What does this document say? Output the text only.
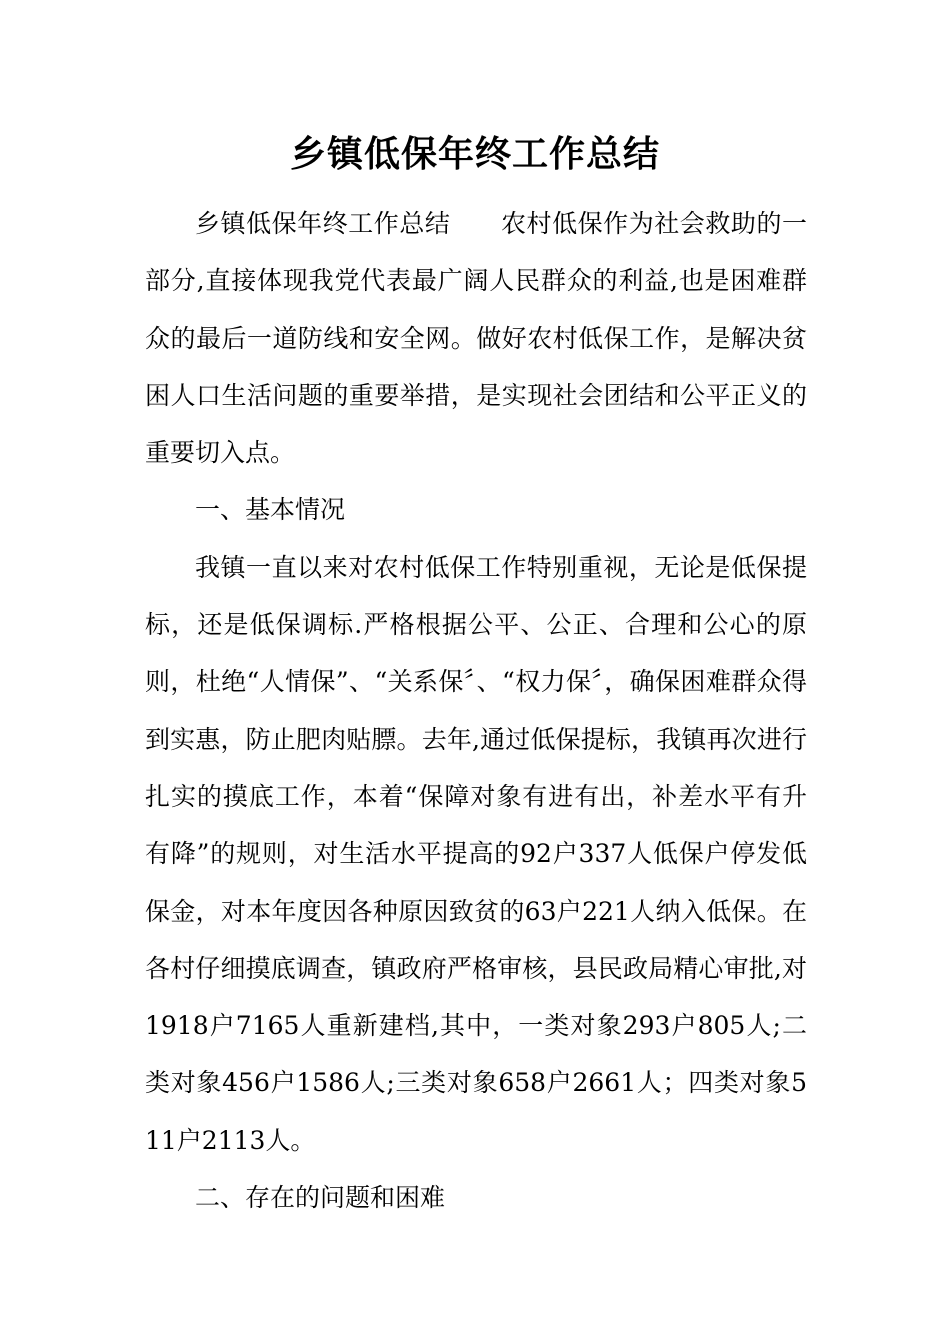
乡镇低保年终工作总结

乡镇低保年终工作总结 农村低保作为社会救助的一部分,直接体现我党代表最广阔人民群众的利益,也是困难群众的最后一道防线和安全网。做好农村低保工作，是解决贫困人口生活问题的重要举措，是实现社会团结和公平正义的重要切入点。

一、基本情况

我镇一直以来对农村低保工作特别重视，无论是低保提标，还是低保调标.严格根据公平、公正、合理和公心的原则，杜绝“人情保”、“关系保〞、“权力保〞，确保困难群众得到实惠，防止肥肉贴膘。去年,通过低保提标，我镇再次进行扎实的摸底工作，本着“保障对象有进有出，补差水平有升有降”的规则，对生活水平提高的92户337人低保户停发低保金，对本年度因各种原因致贫的63户221人纳入低保。在各村仔细摸底调查，镇政府严格审核，县民政局精心审批,对1918户7165人重新建档,其中，一类对象293户805人;二类对象456户1586人;三类对象658户2661人；四类对象511户2113人。

二、存在的问题和困难
